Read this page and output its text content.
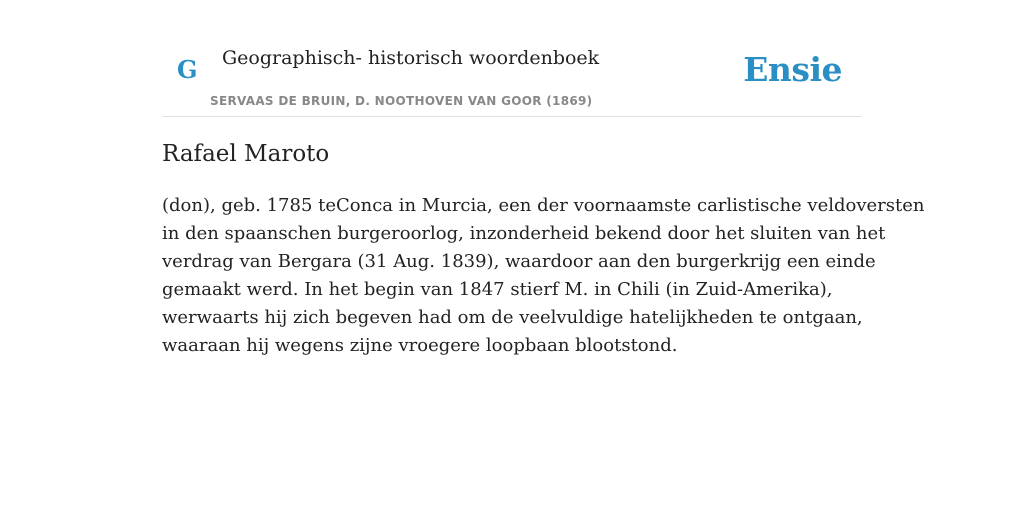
G Geographisch- historisch woordenboek
SERVAAS DE BRUIN, D. NOOTHOVEN VAN GOOR (1869)
Ensie
Rafael Maroto

(don), geb. 1785 teConca in Murcia, een der voornaamste carlistische veldoversten
in den spaanschen burgeroorlog, inzonderheid bekend door het sluiten van het
verdrag van Bergara (31 Aug. 1839), waardoor aan den burgerkrijg een einde
gemaakt werd. In het begin van 1847 stierf M. in Chili (in Zuid-Amerika),
werwaarts hij zich begeven had om de veelvuldige hatelijkheden te ontgaan,
waaraan hij wegens zijne vroegere loopbaan blootstond.
